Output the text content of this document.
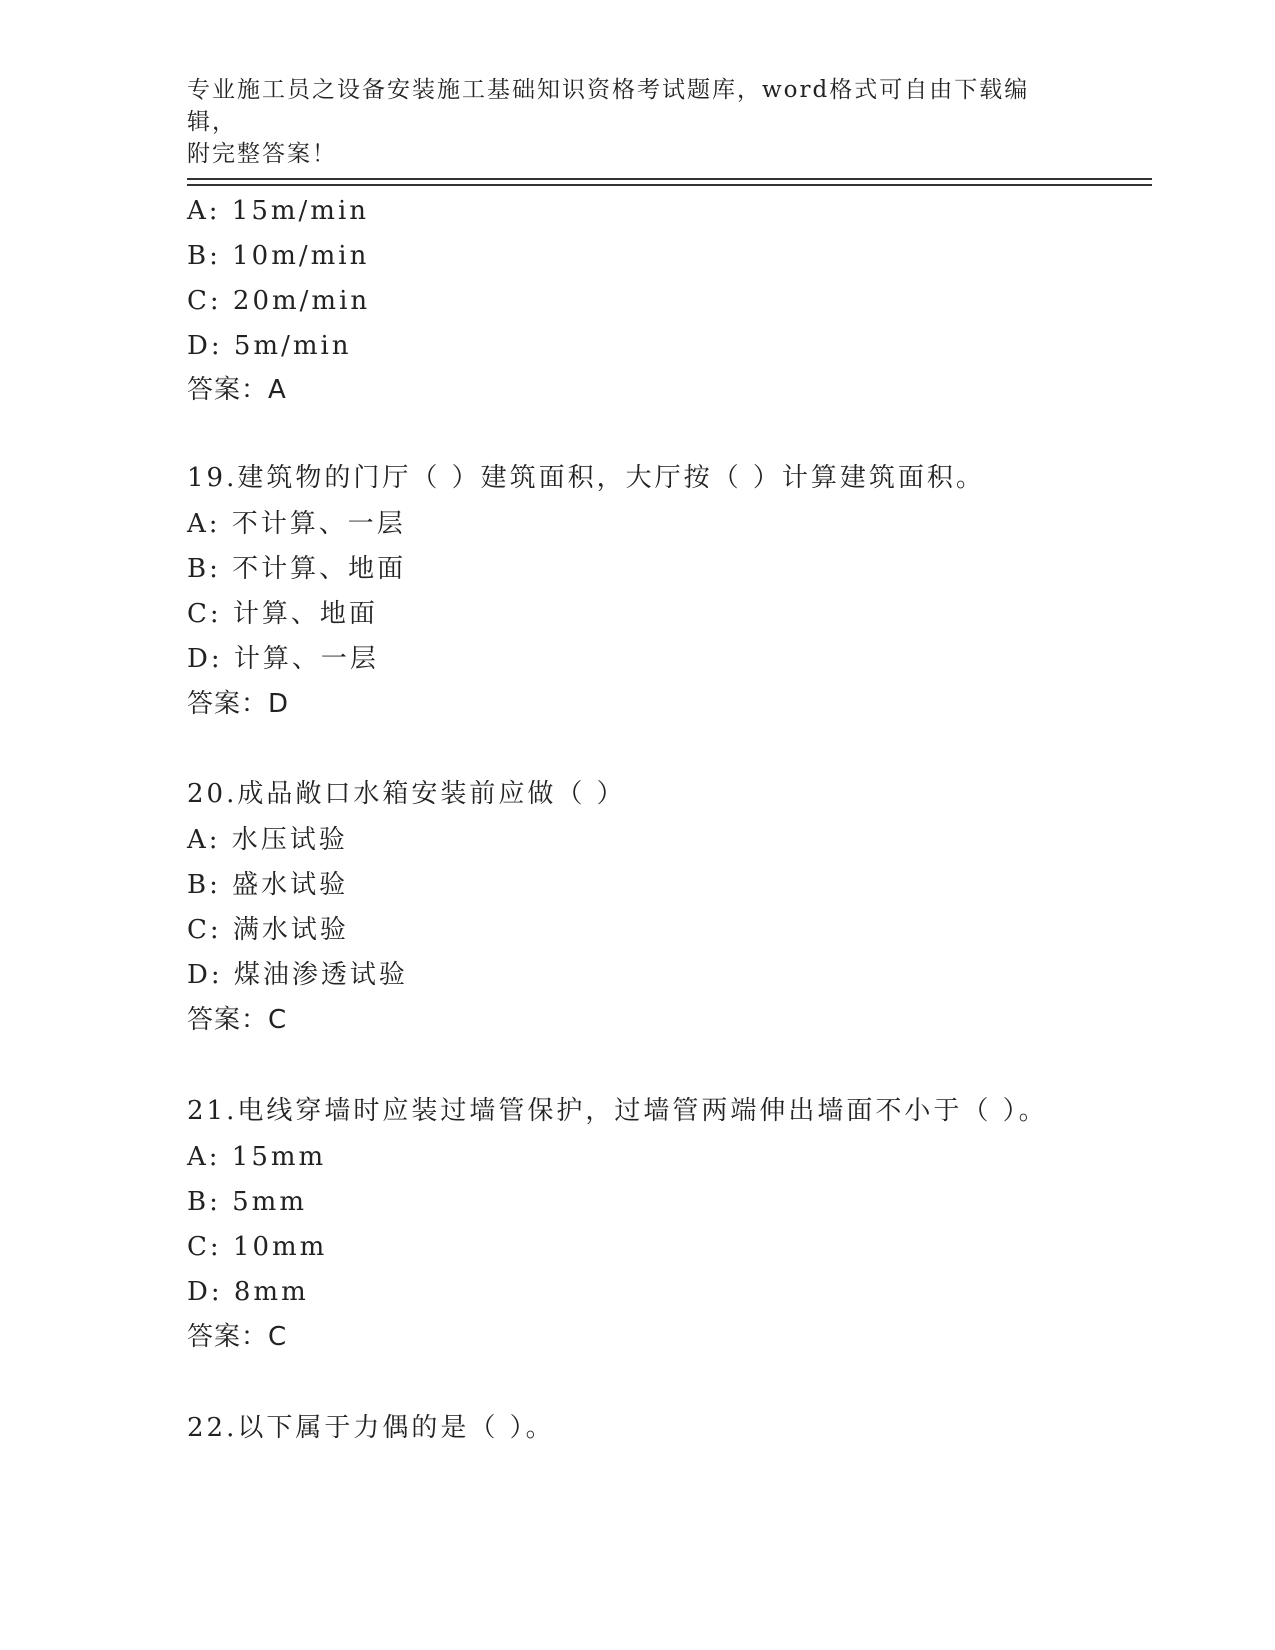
专业施工员之设备安装施工基础知识资格考试题库，word格式可自由下载编辑，
附完整答案！
A: 15m/min
B: 10m/min
C: 20m/min
D: 5m/min
答案：A
19.建筑物的门厅（ ）建筑面积，大厅按（ ）计算建筑面积。
A: 不计算、一层
B: 不计算、地面
C: 计算、地面
D: 计算、一层
答案：D
20.成品敞口水箱安装前应做（ ）
A: 水压试验
B: 盛水试验
C: 满水试验
D: 煤油渗透试验
答案：C
21.电线穿墙时应装过墙管保护，过墙管两端伸出墙面不小于（ ）。
A: 15mm
B: 5mm
C: 10mm
D: 8mm
答案：C
22.以下属于力偶的是（ ）。
